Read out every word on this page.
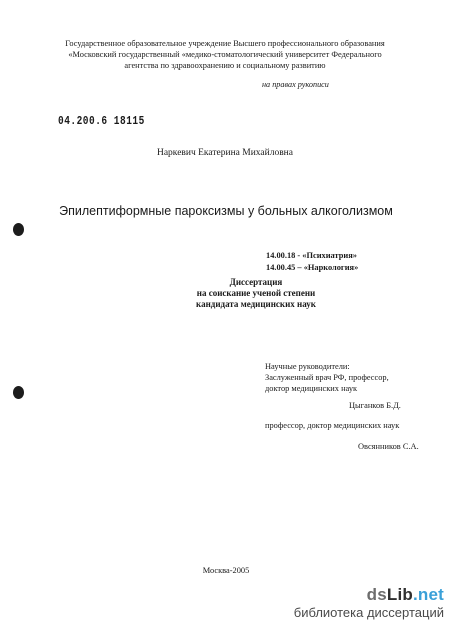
Государственное образовательное учреждение Высшего профессионального образования
«Московский государственный «медико-стоматологический университет Федерального
агентства по здравоохранению и социальному развитию
на правах рукописи
04.200.6 18115
Наркевич Екатерина Михайловна
Эпилептиформные пароксизмы у больных алкоголизмом
14.00.18 - «Психиатрия»
14.00.45 – «Наркология»
Диссертация
на соискание ученой степени
кандидата медицинских наук
Научные руководители:
Заслуженный врач РФ, профессор,
доктор медицинских наук
Цыганков Б.Д.
профессор, доктор медицинских наук
Овсянников С.А.
Москва-2005
dsLib.net
библиотека диссертаций
